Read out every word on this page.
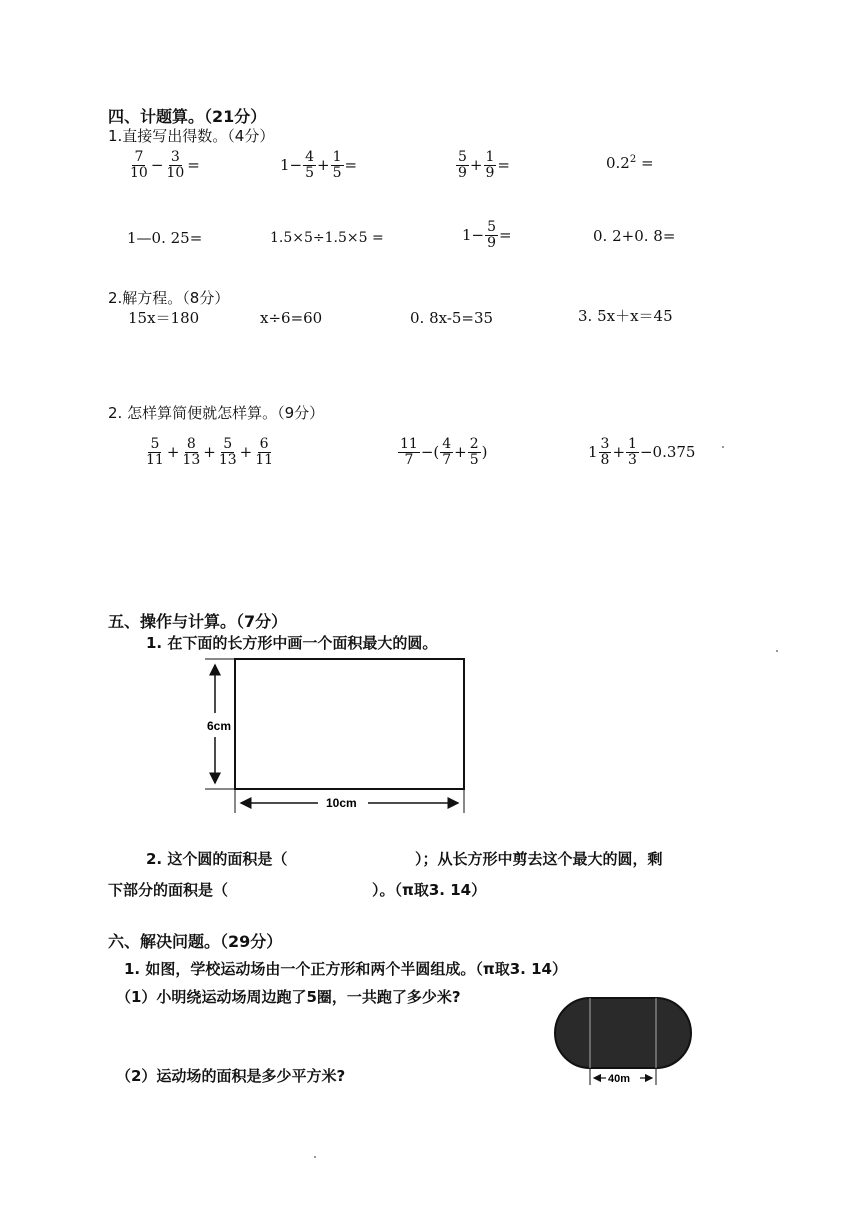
四、计题算。（21分）
1.直接写出得数。（4分）
$\frac{7}{10} - \frac{3}{10}$ =	$1- \frac{4}{5} + \frac{1}{5}$ =	$\frac{5}{9} + \frac{1}{9}$ =	$0.2^2$ =
1—0. 25=	1.5×5÷1.5×5 =	$1- \frac{5}{9}$ =	0. 2+0. 8=
2.解方程。（8分）
15x＝180	x÷6=60	0. 8x-5=35	3. 5x＋x＝45
2. 怎样算简便就怎样算。（9分）
$\frac{5}{11} + \frac{8}{13} + \frac{5}{13} + \frac{6}{11}$	$\frac{11}{7}$ −( $\frac{4}{7} + \frac{2}{5}$ )	$1 \frac{3}{8} + \frac{1}{3} -0.375$
五、操作与计算。（7分）
1. 在下面的长方形中画一个面积最大的圆。
6cm
10cm
2. 这个圆的面积是（	）；从长方形中剪去这个最大的圆，剩
下部分的面积是（	）。（π取3. 14）
六、解决问题。（29分）
1. 如图，学校运动场由一个正方形和两个半圆组成。（π取3. 14）
（1）小明绕运动场周边跑了5圈，一共跑了多少米?
（2）运动场的面积是多少平方米?	40m
